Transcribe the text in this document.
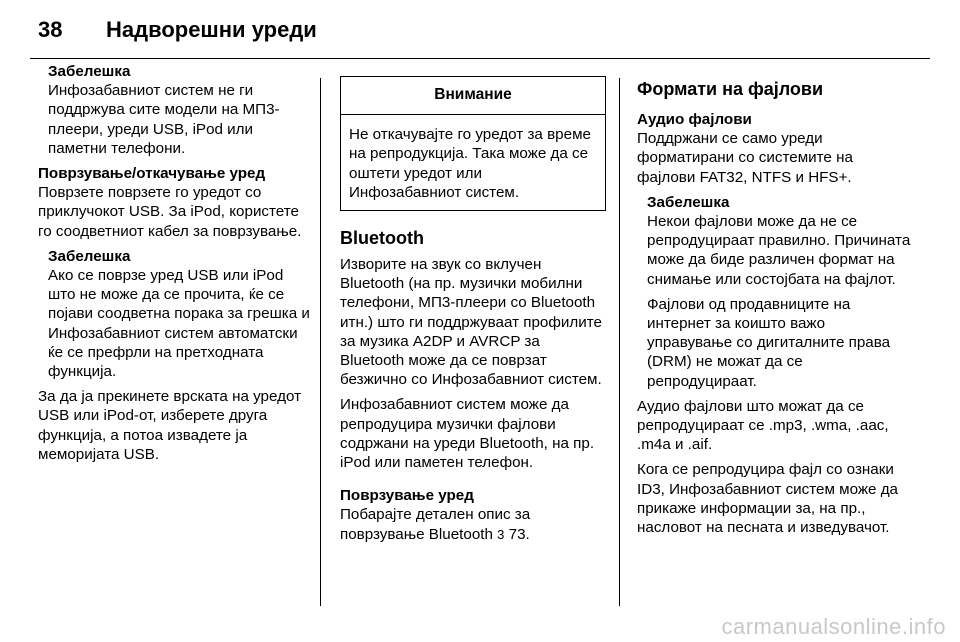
38 Надворешни уреди

Забелешка

Инфозабавниот систем не ги поддржува сите модели на МП3-плеери, уреди USB, iPod или паметни телефони.

Поврзување/откачување уред

Поврзете поврзете го уредот со приклучокот USB. За iPod, користете го соодветниот кабел за поврзување.

Забелешка

Ако се поврзе уред USB или iPod што не може да се прочита, ќе се појави соодветна порака за грешка и Инфозабавниот систем автоматски ќе се префрли на претходната функција.

За да ја прекинете врската на уредот USB или iPod-от, изберете друга функција, а потоа извадете ја меморијата USB.

Внимание
Не откачувајте го уредот за време на репродукција. Така може да се оштети уредот или Инфозабавниот систем.

Bluetooth

Изворите на звук со вклучен Bluetooth (на пр. музички мобилни телефони, МП3-плеери со Bluetooth итн.) што ги поддржуваат профилите за музика A2DP и AVRCP за Bluetooth може да се поврзат безжично со Инфозабавниот систем.

Инфозабавниот систем може да репродуцира музички фајлови содржани на уреди Bluetooth, на пр. iPod или паметен телефон.

Поврзување уред

Побарајте детален опис за поврзување Bluetooth 3 73.

Формати на фајлови

Аудио фајлови

Поддржани се само уреди форматирани со системите на фајлови FAT32, NTFS и HFS+.

Забелешка

Некои фајлови може да не се репродуцираат правилно. Причината може да биде различен формат на снимање или состојбата на фајлот.

Фајлови од продавниците на интернет за коишто важо управување со дигиталните права (DRM) не можат да се репродуцираат.

Аудио фајлови што можат да се репродуцираат се .mp3, .wma, .aac, .m4a и .aif.

Кога се репродуцира фајл со ознаки ID3, Инфозабавниот систем може да прикаже информации за, на пр., насловот на песната и изведувачот.

carmanualsonline.info
